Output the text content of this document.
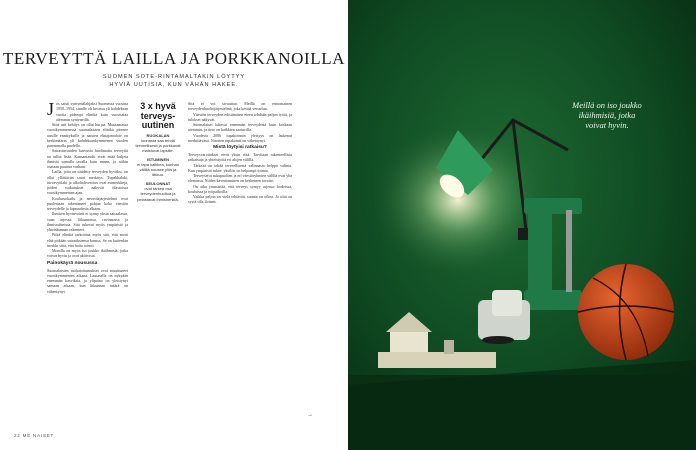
TERVEYTTÄ LAILLA JA PORKKANOILLA
SUOMEN SOTE-RINTAMALTAKIN LÖYTYY
HYVIÄ UUTISIA, KUN VÄHÄN HAKEE.

Jos saisit syntymälahjaksi Suomessa vuosina 1950–1954, sinulle oli luvassa yli kahdeksan vuotta pidempi elinikä kuin vuosisataa aiemmin syntyneillä.

Siitä asti kehitys on ollut hurjaa. Muutamassa vuosikymmenessä suomalaisten elinikä pitenee uusille ennätyksille ja naisten elinajanodote on keskimäärin yli kahdeksankymmenen vuoden paremmalla puolella.

Sairastuvuuden kasvusta huolimatta terveyttä on tullut lisää. Kansantaudit eivät enää kuljeta ihmisiä samalla tavalla kuin ennen, ja niihin osataan puuttua varhain.

Lailla, joita on säädetty terveyden hyväksi, on ollut yllättävän suuri merkitys. Tupakkalaki, turvavyölaki ja alkoholiverotus ovat esimerkkejä, joiden vaikutukset näkyvät tilastoissa vuosikymmenten ajan.

Kouluruokailu ja neuvolajärjestelmä ovat puolestaan rakentaneet pohjaa koko väestön terveydelle jo lapsuudesta alkaen.

Ihmisen hyvinvointi ei synny yksin sairaalassa, vaan arjessa: liikunnassa, ravinnossa ja ihmissuhteissa. Sitä tukevat myös ympäristö ja yhteiskunnan rakenteet.

Pitkä elinikä tarkoittaa myös sitä, että moni elää pitkään sairauksiensa kanssa. Se on kuitenkin merkki siitä, että hoito toimii.

Monilla on myös iso joukko ikäihmisiä, jotka voivat hyvin ja ovat aktiivisia.

Painokäyrä nousussa

Suomalaisten ruokatottumukset ovat muuttuneet vuosikymmenten aikana. Lautasella on nykyään enemmän kasviksia, ja ylipaino on yleistynyt samaan aikaan, kun liikunnan määrä on vähentynyt.

3 x hyvä terveys-uutinen
RUOKALAN
lounasta saa tehdä terveellisesti ja porkkanat maistuvat lapsille.
ISTUMINEN
ei tapa kaikkea, kunhan välillä nousee ylös ja liikkuu.
SEULONNAT
ovat tärkeä osa terveydenhuoltoa ja pelastavat ihmishenkiä.

Sitä ei voi sivuuttaa. Meillä on erinomainen terveydenhuoltojärjestelmä, joka kestää vertailun.

Väestön terveyden edistämisen eteen tehdään paljon työtä, ja tulokset näkyvät.

Suomalaiset lukevat enemmän terveydestä kuin koskaan aiemmin, ja tieto on kaikkien saatavilla.

Vuodesta 2006 tupakoinnin yleisyys on laskenut merkittävästi. Nuorten tupakointi on vähentynyt.

Mistä löytyisi ratkaisu?

Terveysvaroitukset eivät yksin riitä. Tarvitaan rakenteellisia ratkaisuja ja yhteistyötä eri alojen välillä.

Tärkeää on tehdä terveellisestä valinnasta helppo valinta. Kun ympäristö tukee, yksilön on helpompi toimia.

Terveyserot sukupuolten ja eri väestöryhmien välillä ovat yhä olemassa. Niiden kaventaminen on keskeinen tavoite.

On aika ymmärtää, että terveys syntyy arjessa: kodeissa, kouluissa ja työpaikoilla.

Vaikka paljon on vielä tehtävää, suunta on oikea. Ja siitä on syytä olla iloinen.

22 ME NAISET
→
Meillä on iso joukko ikäihmisiä, jotka voivat hyvin.
